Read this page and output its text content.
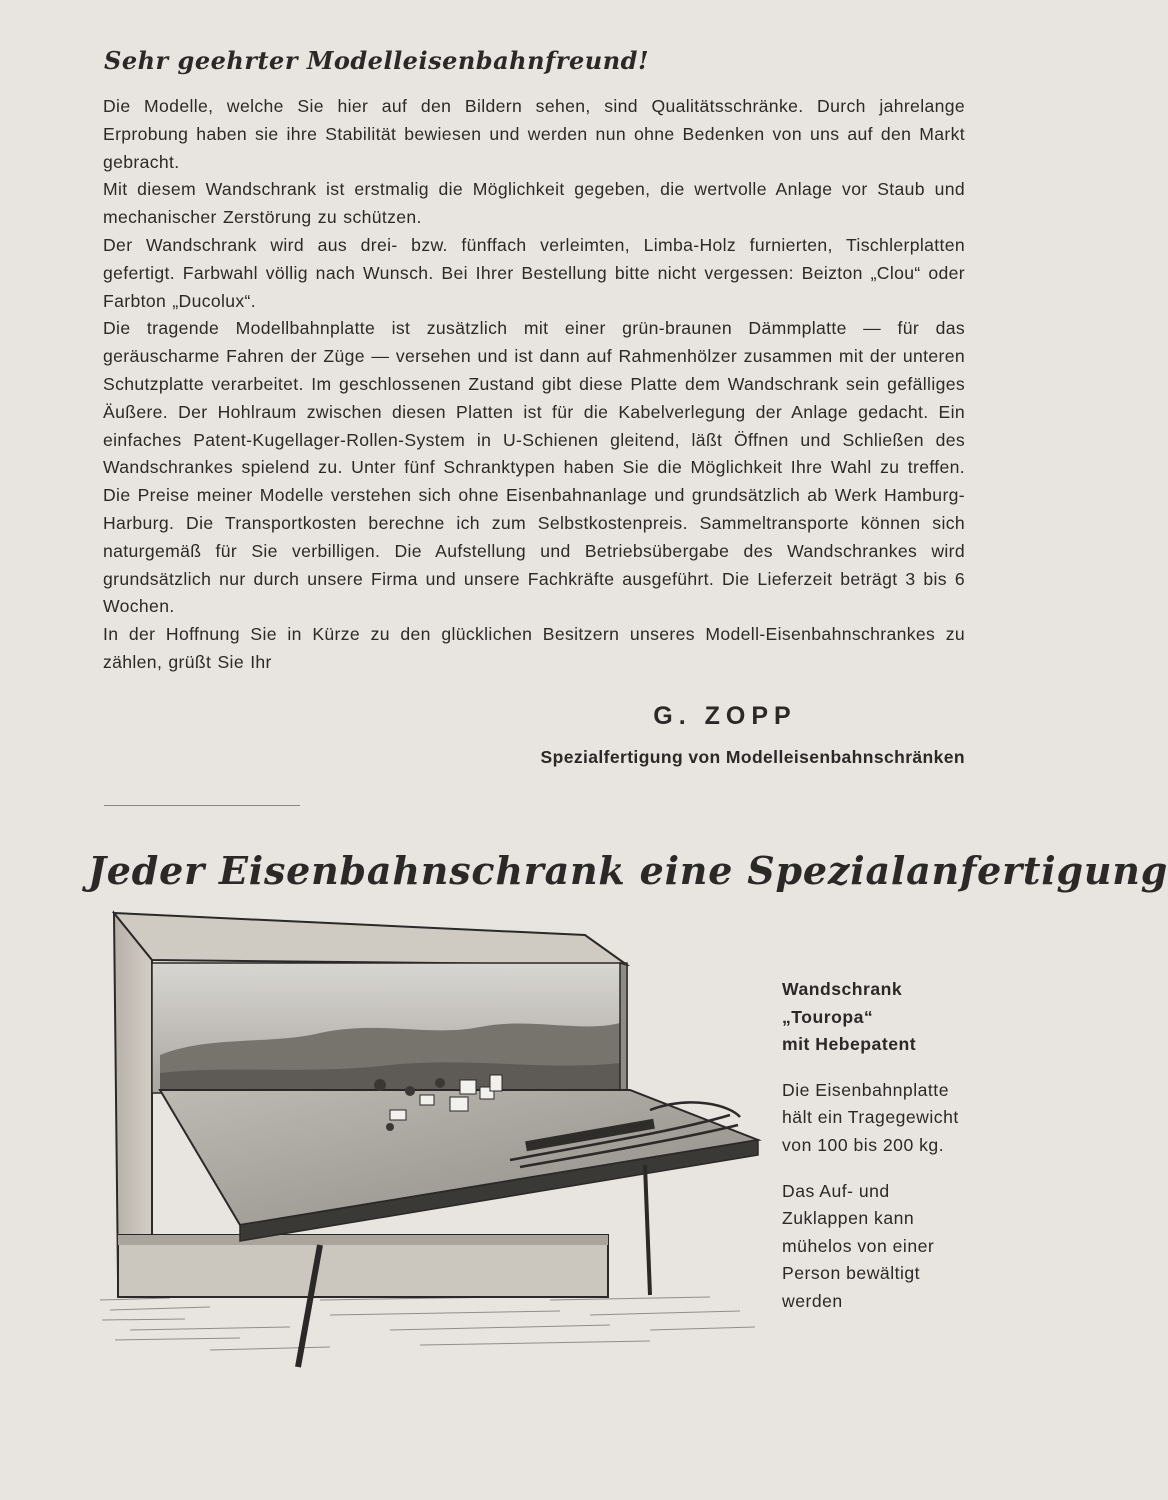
Sehr geehrter Modelleisenbahnfreund!

Die Modelle, welche Sie hier auf den Bildern sehen, sind Qualitätsschränke. Durch jahrelange Erprobung haben sie ihre Stabilität bewiesen und werden nun ohne Bedenken von uns auf den Markt gebracht.

Mit diesem Wandschrank ist erstmalig die Möglichkeit gegeben, die wertvolle Anlage vor Staub und mechanischer Zerstörung zu schützen.

Der Wandschrank wird aus drei- bzw. fünffach verleimten, Limba-Holz furnierten, Tischlerplatten gefertigt. Farbwahl völlig nach Wunsch. Bei Ihrer Bestellung bitte nicht vergessen: Beizton „Clou“ oder Farbton „Ducolux“.

Die tragende Modellbahnplatte ist zusätzlich mit einer grün-braunen Dämmplatte — für das geräuscharme Fahren der Züge — versehen und ist dann auf Rahmenhölzer zusammen mit der unteren Schutzplatte verarbeitet. Im geschlossenen Zustand gibt diese Platte dem Wandschrank sein gefälliges Äußere. Der Hohlraum zwischen diesen Platten ist für die Kabelverlegung der Anlage gedacht. Ein einfaches Patent-Kugellager-Rollen-System in U-Schienen gleitend, läßt Öffnen und Schließen des Wandschrankes spielend zu. Unter fünf Schranktypen haben Sie die Möglichkeit Ihre Wahl zu treffen. Die Preise meiner Modelle verstehen sich ohne Eisenbahnanlage und grundsätzlich ab Werk Hamburg-Harburg. Die Transportkosten berechne ich zum Selbstkostenpreis. Sammeltransporte können sich naturgemäß für Sie verbilligen. Die Aufstellung und Betriebsübergabe des Wandschrankes wird grundsätzlich nur durch unsere Firma und unsere Fachkräfte ausgeführt. Die Lieferzeit beträgt 3 bis 6 Wochen.

In der Hoffnung Sie in Kürze zu den glücklichen Besitzern unseres Modell-Eisenbahnschrankes zu zählen, grüßt Sie Ihr

G. ZOPP
Spezialfertigung von Modelleisenbahnschränken
Jeder Eisenbahnschrank eine Spezialanfertigung
Wandschrank
„Touropa“
mit Hebepatent

Die Eisenbahnplatte hält ein Tragegewicht von 100 bis 200 kg.

Das Auf- und Zuklappen kann mühelos von einer Person bewältigt werden
